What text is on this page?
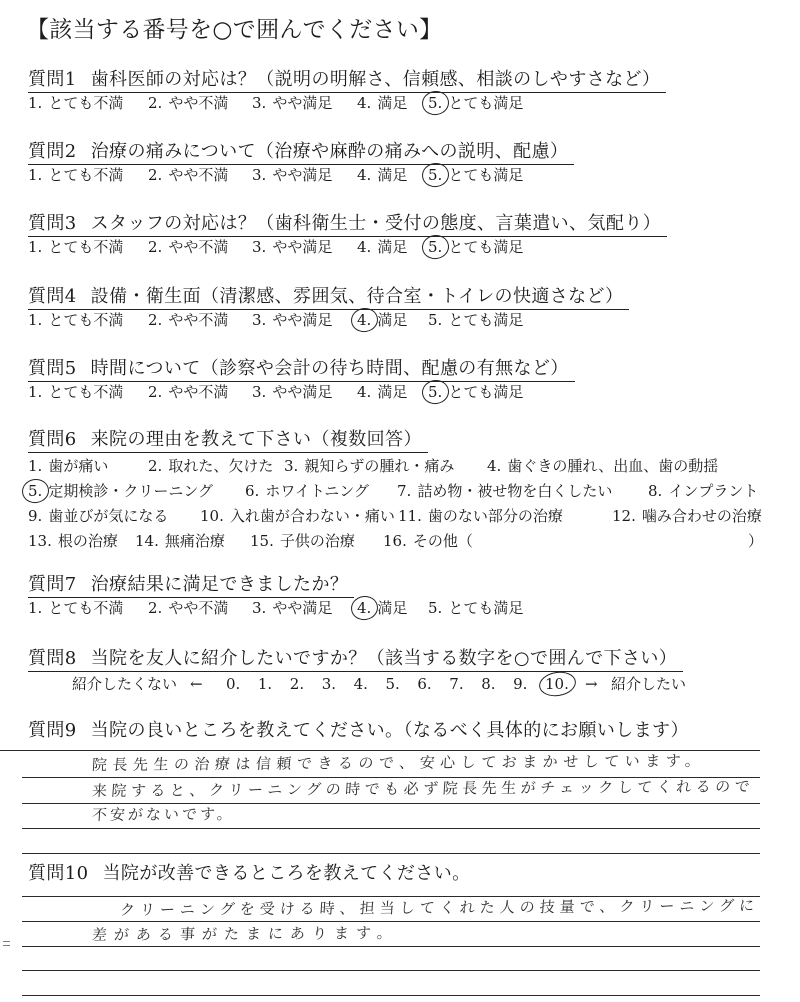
【該当する番号を○で囲んでください】
質問1 歯科医師の対応は？（説明の明解さ、信頼感、相談のしやすさなど）
1. とても不満 2. やや不満 3. やや満足 4. 満足 5. とても満足
質問2 治療の痛みについて（治療や麻酔の痛みへの説明、配慮）
1. とても不満 2. やや不満 3. やや満足 4. 満足 5. とても満足
質問3 スタッフの対応は？（歯科衛生士・受付の態度、言葉遣い、気配り）
1. とても不満 2. やや不満 3. やや満足 4. 満足 5. とても満足
質問4 設備・衛生面（清潔感、雰囲気、待合室・トイレの快適さなど）
1. とても不満 2. やや不満 3. やや満足 4. 満足 5. とても満足
質問5 時間について（診察や会計の待ち時間、配慮の有無など）
1. とても不満 2. やや不満 3. やや満足 4. 満足 5. とても満足
質問6 来院の理由を教えて下さい（複数回答）
1. 歯が痛い	2. 取れた、欠けた 3. 親知らずの腫れ・痛み 4. 歯ぐきの腫れ、出血、歯の動揺
5. 定期検診・クリーニング 6. ホワイトニング 7. 詰め物・被せ物を白くしたい 8. インプラント
9. 歯並びが気になる 10. 入れ歯が合わない・痛い 11. 歯のない部分の治療	12. 噛み合わせの治療
13. 根の治療 14. 無痛治療 15. 子供の治療 16. その他（	）
質問7 治療結果に満足できましたか？
1. とても不満 2. やや不満 3. やや満足 4. 満足 5. とても満足
質問8 当院を友人に紹介したいですか？（該当する数字を○で囲んで下さい）
紹介したくない ←	→ 紹介したい
0.	1.	2.	3.	4.	5.	6.	7.	8.	9.	10.
質問9 当院の良いところを教えてください。（なるべく具体的にお願いします）
院長先生の治療は信頼できるので、安心しておまかせしています。
来院すると、クリーニングの時でも必ず院長先生がチェックしてくれるので
不安がないです。
質問10 当院が改善できるところを教えてください。
クリーニングを受ける時、担当してくれた人の技量で、クリーニングに
差がある事がたまにあります。
